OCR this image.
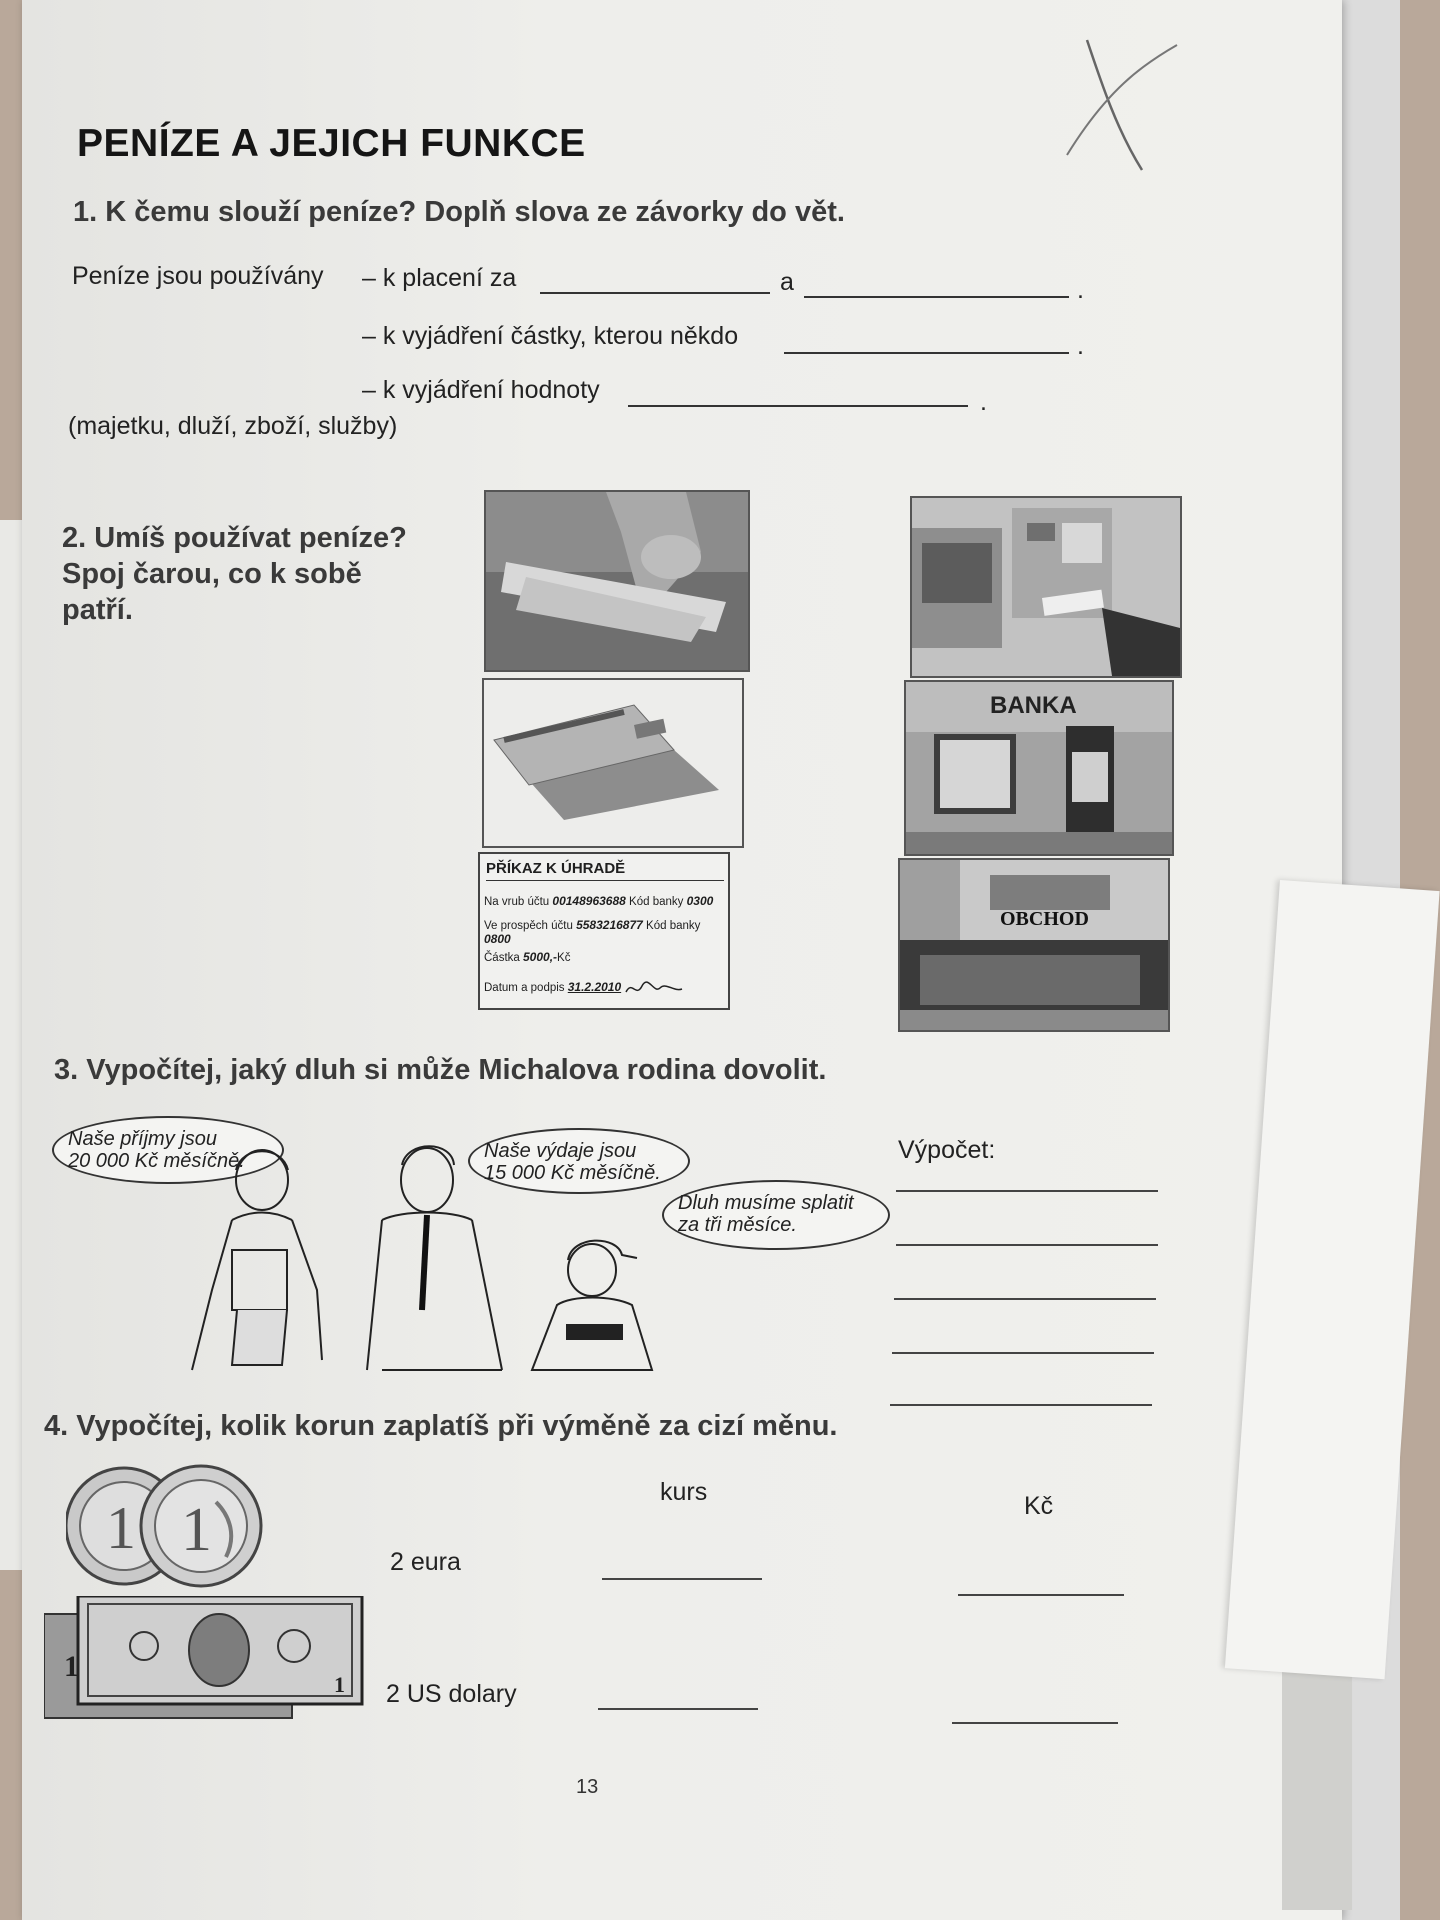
PENÍZE A JEJICH FUNKCE
1. K čemu slouží peníze? Doplň slova ze závorky do vět.
Peníze jsou používány – k placení za	a	.
– k vyjádření částky, kterou někdo	.
– k vyjádření hodnoty	.
(majetku, dluží, zboží, služby)
2. Umíš používat peníze?
Spoj čarou, co k sobě
patří.
PŘÍKAZ K ÚHRADĚ
Na vrub účtu 00148963688 Kód banky 0300
Ve prospěch účtu 5583216877 Kód banky 0800
Částka 5000,-Kč
Datum a podpis 31.2.2010
BANKA
OBCHOD
3. Vypočítej, jaký dluh si může Michalova rodina dovolit.
Naše příjmy jsou
20 000 Kč měsíčně.	Naše výdaje jsou
15 000 Kč měsíčně.
Dluh musíme splatit
za tři měsíce.
Výpočet:
4. Vypočítej, kolik korun zaplatíš při výměně za cizí měnu.
kurs	Kč
1 1
1
1
2 eura
2 US dolary
13
